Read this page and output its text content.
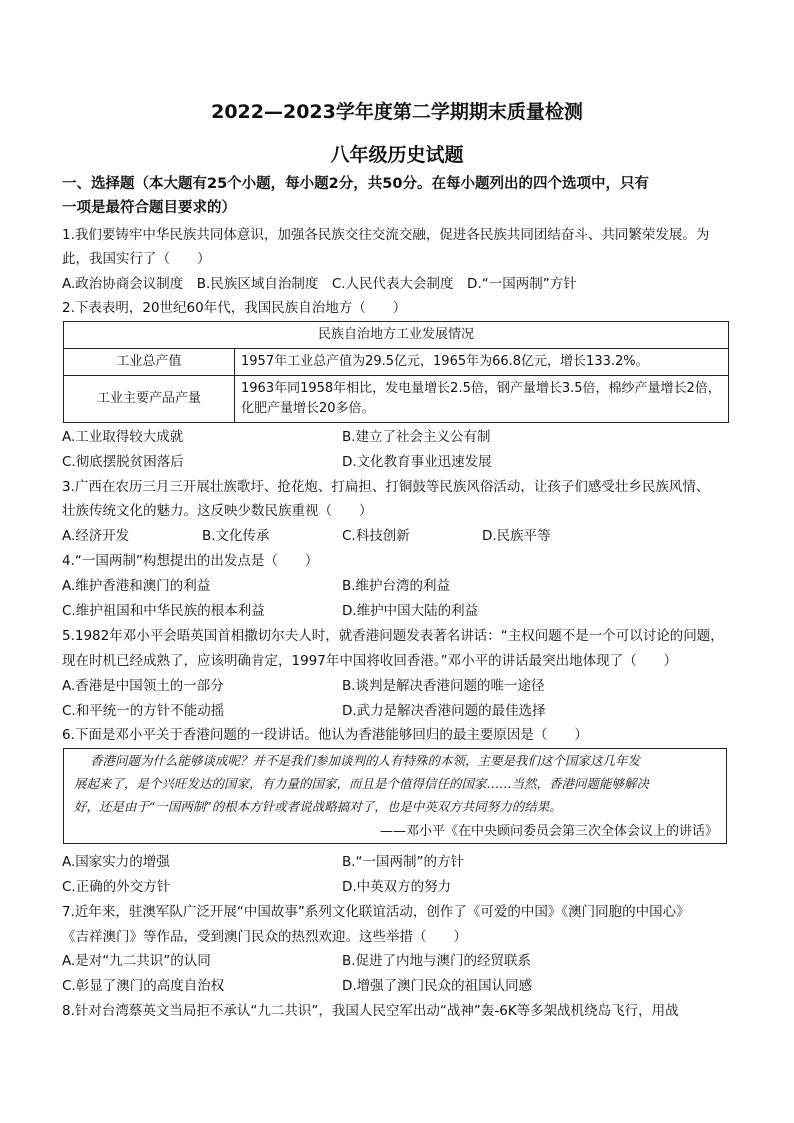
2022—2023学年度第二学期期末质量检测
八年级历史试题
一、选择题（本大题有25个小题，每小题2分，共50分。在每小题列出的四个选项中，只有
一项是最符合题目要求的）
1.我们要铸牢中华民族共同体意识，加强各民族交往交流交融，促进各民族共同团结奋斗、共同繁荣发展。为
此，我国实行了（　　）
A.政治协商会议制度　B.民族区域自治制度　C.人民代表大会制度　D.“一国两制”方针
2.下表表明，20世纪60年代，我国民族自治地方（　　）
民族自治地方工业发展情况	
工业总产值	1957年工业总产值为29.5亿元，1965年为66.8亿元，增长133.2%。
工业主要产品产量	1963年同1958年相比，发电量增长2.5倍，钢产量增长3.5倍，棉纱产量增长2倍，化肥产量增长20多倍。
A.工业取得较大成就	B.建立了社会主义公有制
C.彻底摆脱贫困落后	D.文化教育事业迅速发展
3.广西在农历三月三开展壮族歌圩、抢花炮、打扁担、打铜鼓等民族风俗活动，让孩子们感受壮乡民族风情、
壮族传统文化的魅力。这反映少数民族重视（　　）
A.经济开发	B.文化传承	C.科技创新	D.民族平等
4.“一国两制”构想提出的出发点是（　　）
A.维护香港和澳门的利益	B.维护台湾的利益
C.维护祖国和中华民族的根本利益	D.维护中国大陆的利益
5.1982年邓小平会晤英国首相撒切尔夫人时，就香港问题发表著名讲话：“主权问题不是一个可以讨论的问题，
现在时机已经成熟了，应该明确肯定，1997年中国将收回香港。”邓小平的讲话最突出地体现了（　　）
A.香港是中国领土的一部分	B.谈判是解决香港问题的唯一途径
C.和平统一的方针不能动摇	D.武力是解决香港问题的最佳选择
6.下面是邓小平关于香港问题的一段讲话。他认为香港能够回归的最主要原因是（　　）
香港问题为什么能够谈成呢？并不是我们参加谈判的人有特殊的本领，主要是我们这个国家这几年发
展起来了，是个兴旺发达的国家，有力量的国家，而且是个值得信任的国家……当然，香港问题能够解决
好，还是由于“一国两制”的根本方针或者说战略搞对了，也是中英双方共同努力的结果。
——邓小平《在中央顾问委员会第三次全体会议上的讲话》
A.国家实力的增强	B.“一国两制”的方针
C.正确的外交方针	D.中英双方的努力
7.近年来，驻澳军队广泛开展“中国故事”系列文化联谊活动，创作了《可爱的中国》《澳门同胞的中国心》
《吉祥澳门》等作品，受到澳门民众的热烈欢迎。这些举措（　　）
A.是对“九二共识”的认同	B.促进了内地与澳门的经贸联系
C.彰显了澳门的高度自治权	D.增强了澳门民众的祖国认同感
8.针对台湾蔡英文当局拒不承认“九二共识”，我国人民空军出动“战神”轰-6K等多架战机绕岛飞行，用战
